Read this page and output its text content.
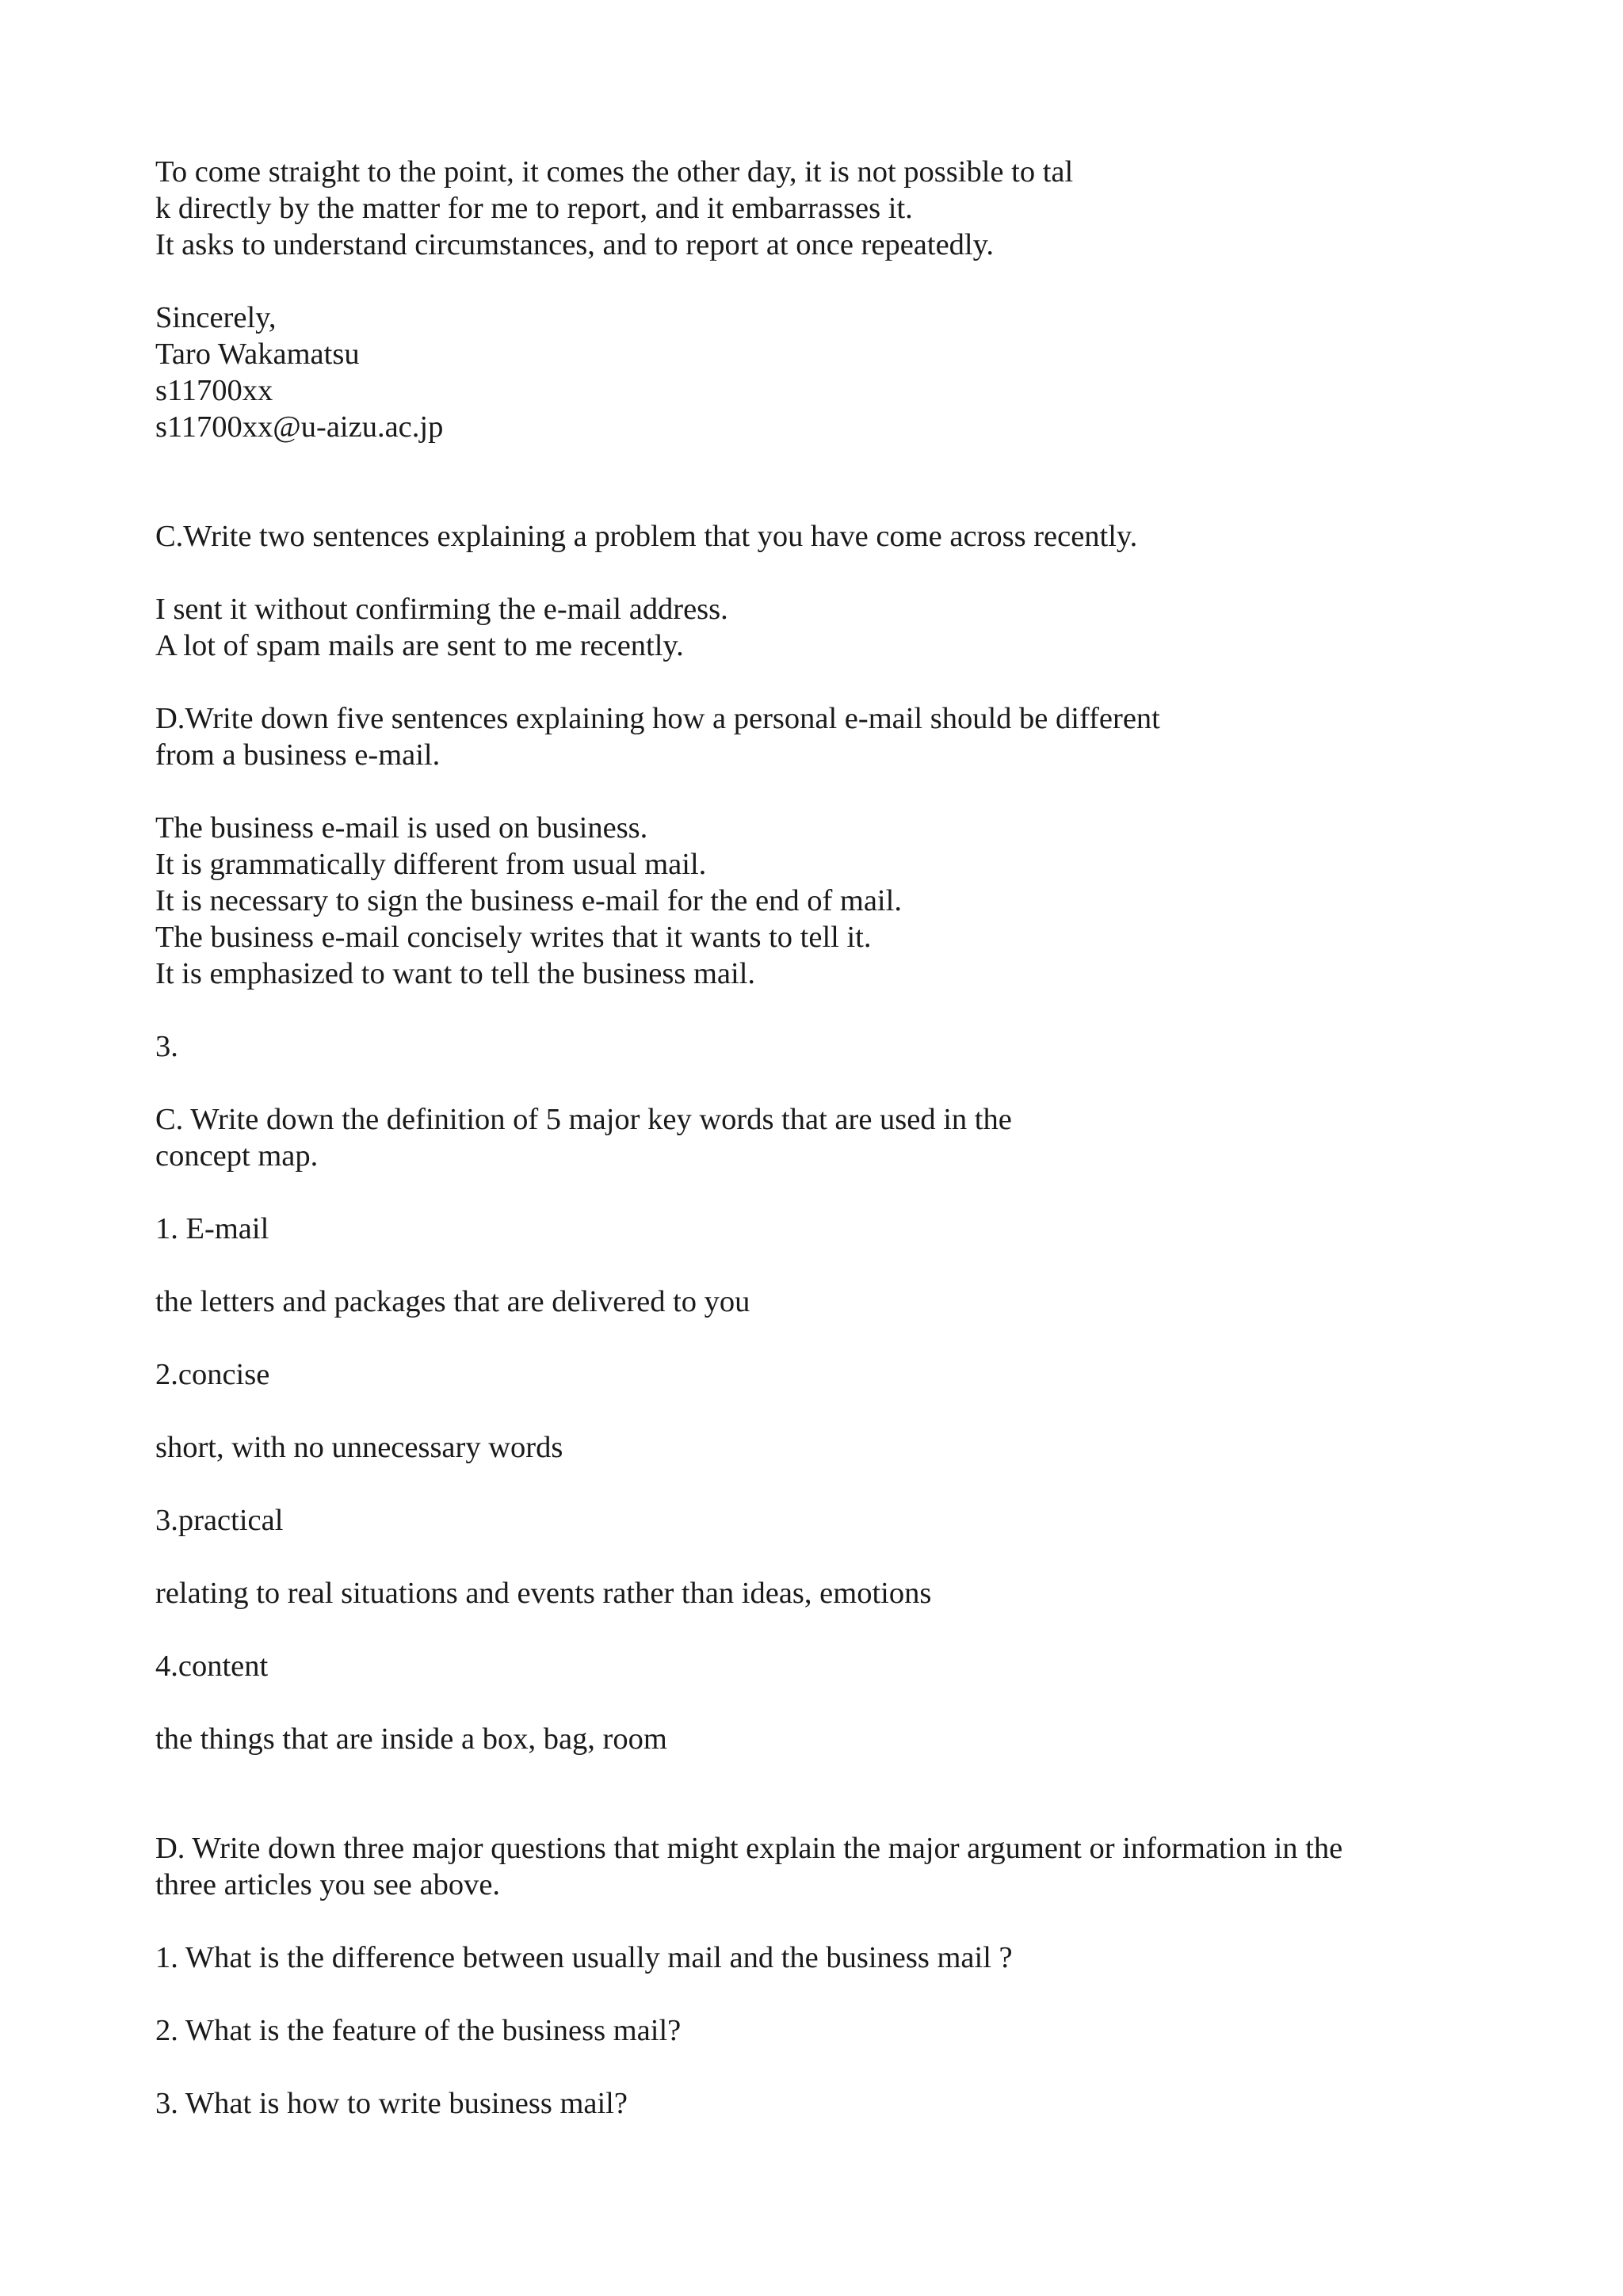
To come straight to the point, it comes the other day, it is not possible to tal
k directly by the matter for me to report, and it embarrasses it.
It asks to understand circumstances, and to report at once repeatedly.
Sincerely,
Taro Wakamatsu
s11700xx
s11700xx@u-aizu.ac.jp
C.Write two sentences explaining a problem that you have come across recently.
I sent it without confirming the e-mail address.
A lot of spam mails are sent to me recently.
D.Write down five sentences explaining how a personal e-mail should be different
from a business e-mail.
The business e-mail is used on business.
It is grammatically different from usual mail.
It is necessary to sign the business e-mail for the end of mail.
The business e-mail concisely writes that it wants to tell it.
It is emphasized to want to tell the business mail.
3.
C. Write down the definition of 5 major key words that are used in the
concept map.
1. E-mail
the letters and packages that are delivered to you
2.concise
short, with no unnecessary words
3.practical
relating to real situations and events rather than ideas, emotions
4.content
the things that are inside a box, bag, room
D. Write down three major questions that might explain the major argument or information in the
three articles you see above.
1. What is the difference between usually mail and the business mail ?
2. What is the feature of the business mail?
3. What is how to write business mail?
